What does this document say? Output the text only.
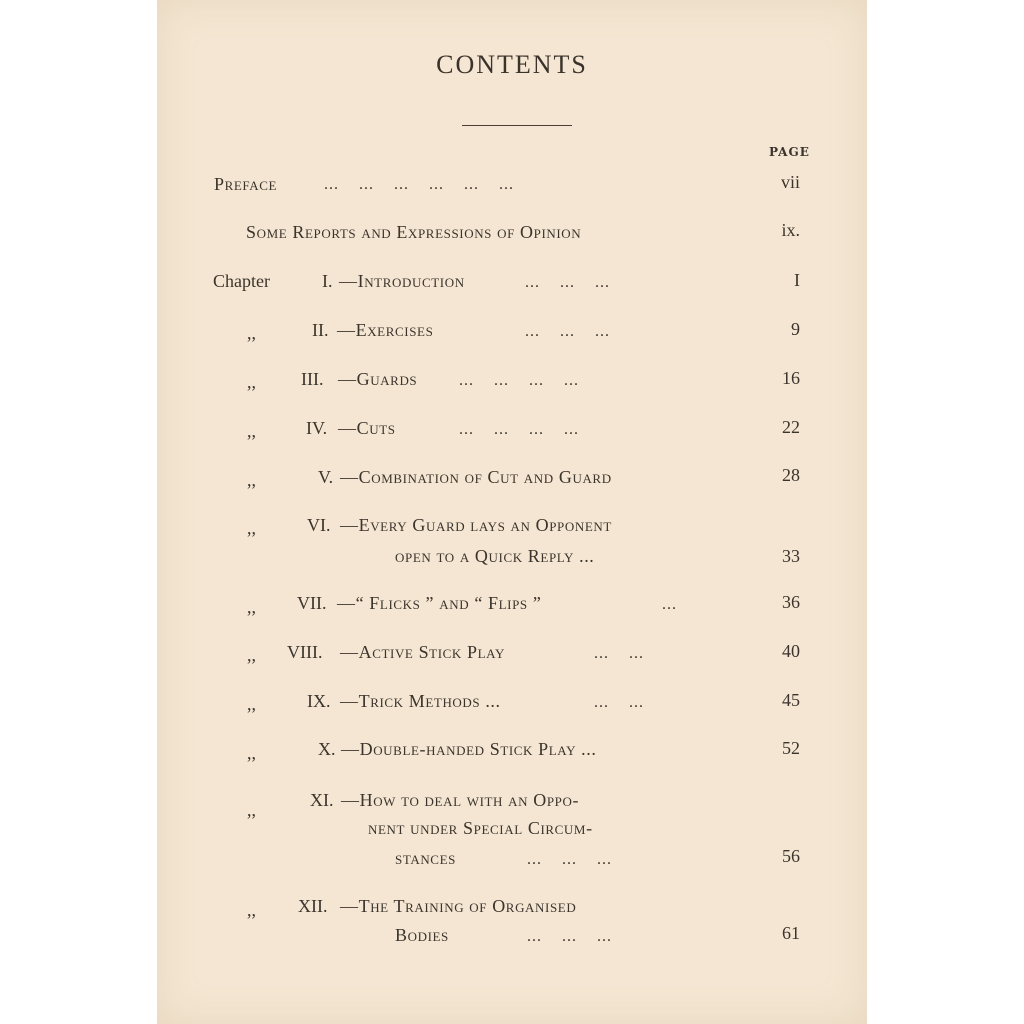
CONTENTS
PAGE
Preface	...    ...    ...    ...    ...    ...	vii
Some Reports and Expressions of Opinion	ix.
Chapter	I. —Introduction	...    ...    ...	I
,,	II. —Exercises	...    ...    ...	9
,,	III. —Guards	...    ...    ...    ...	16
,,	IV. —Cuts	...    ...    ...    ...	22
,,	V. —Combination of Cut and Guard	28
,,	VI. —Every Guard lays an Opponent
open to a Quick Reply ...	33
,, VII. —“ Flicks ” and “ Flips ”	...	36
,, VIII. —Active Stick Play	...    ...	40
,,	IX. —Trick Methods ...	...    ...	45
,,	X. —Double-handed Stick Play ...	52
,,	XI. —How to deal with an Oppo-
nent under Special Circum-
stances	...    ...    ...	56
,, XII. —The Training of Organised
Bodies	...    ...    ...	61
